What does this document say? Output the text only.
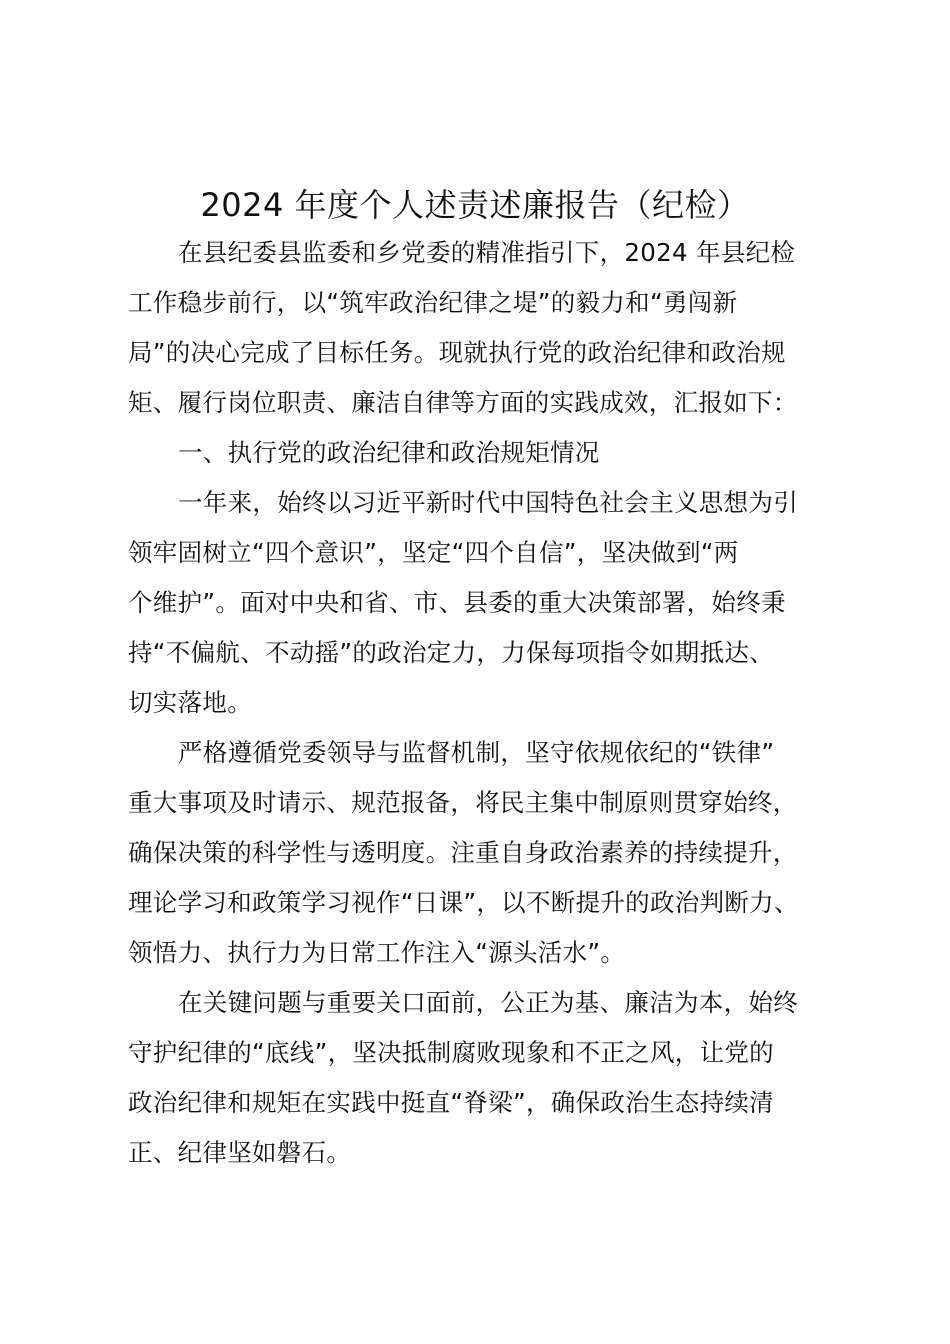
2024 年度个人述责述廉报告（纪检）
在县纪委县监委和乡党委的精准指引下，2024 年县纪检
工作稳步前行，以“筑牢政治纪律之堤”的毅力和“勇闯新
局”的决心完成了目标任务。现就执行党的政治纪律和政治规
矩、履行岗位职责、廉洁自律等方面的实践成效，汇报如下：
一、执行党的政治纪律和政治规矩情况
一年来，始终以习近平新时代中国特色社会主义思想为引
领牢固树立“四个意识”，坚定“四个自信”，坚决做到“两
个维护”。面对中央和省、市、县委的重大决策部署，始终秉
持“不偏航、不动摇”的政治定力，力保每项指令如期抵达、
切实落地。
严格遵循党委领导与监督机制，坚守依规依纪的“铁律”
重大事项及时请示、规范报备，将民主集中制原则贯穿始终，
确保决策的科学性与透明度。注重自身政治素养的持续提升，
理论学习和政策学习视作“日课”，以不断提升的政治判断力、
领悟力、执行力为日常工作注入“源头活水”。
在关键问题与重要关口面前，公正为基、廉洁为本，始终
守护纪律的“底线”，坚决抵制腐败现象和不正之风，让党的
政治纪律和规矩在实践中挺直“脊梁”，确保政治生态持续清
正、纪律坚如磐石。
